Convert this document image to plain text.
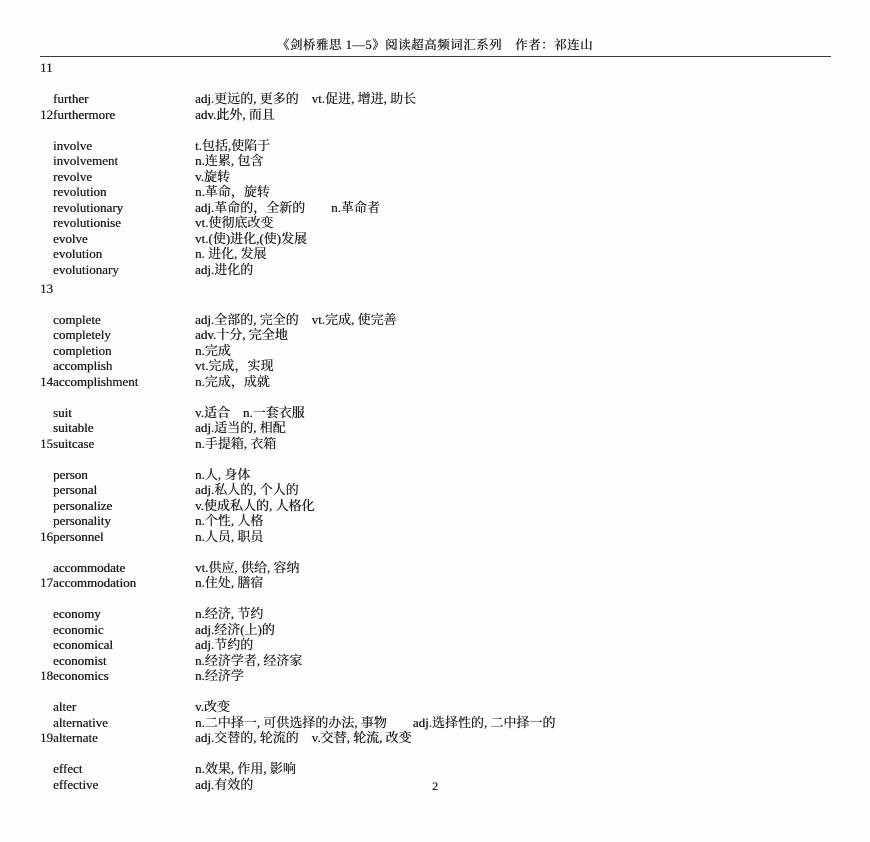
《剑桥雅思 1—5》阅读超高频词汇系列　作者：祁连山
11

further	adj.更远的, 更多的　vt.促进, 增进, 助长

furthermore	adv.此外, 而且

12

involve	t.包括,使陷于

involvement	n.连累, 包含

revolve	v.旋转

revolution	n.革命，旋转

revolutionary	adj.革命的，全新的　　n.革命者

revolutionise	vt.使彻底改变

evolve	vt.(使)进化,(使)发展

evolution	n. 进化, 发展

evolutionary	adj.进化的

13

complete	adj.全部的, 完全的　vt.完成, 使完善

completely	adv.十分, 完全地

completion	n.完成

accomplish	vt.完成，实现

accomplishment	n.完成，成就

14

suit	v.适合　n.一套衣服

suitable	adj.适当的, 相配

suitcase	n.手提箱, 衣箱

15

person	n.人, 身体

personal	adj.私人的, 个人的

personalize	v.使成私人的, 人格化

personality	n.个性, 人格

personnel	n.人员, 职员

16

accommodate	vt.供应, 供给, 容纳

accommodation	n.住处, 膳宿

17

economy	n.经济, 节约

economic	adj.经济(上)的

economical	adj.节约的

economist	n.经济学者, 经济家

economics	n.经济学

18

alter	v.改变

alternative	n.二中择一, 可供选择的办法, 事物　　adj.选择性的, 二中择一的

alternate	adj.交替的, 轮流的　v.交替, 轮流, 改变

19

effect	n.效果, 作用, 影响

effective	adj.有效的
	2
